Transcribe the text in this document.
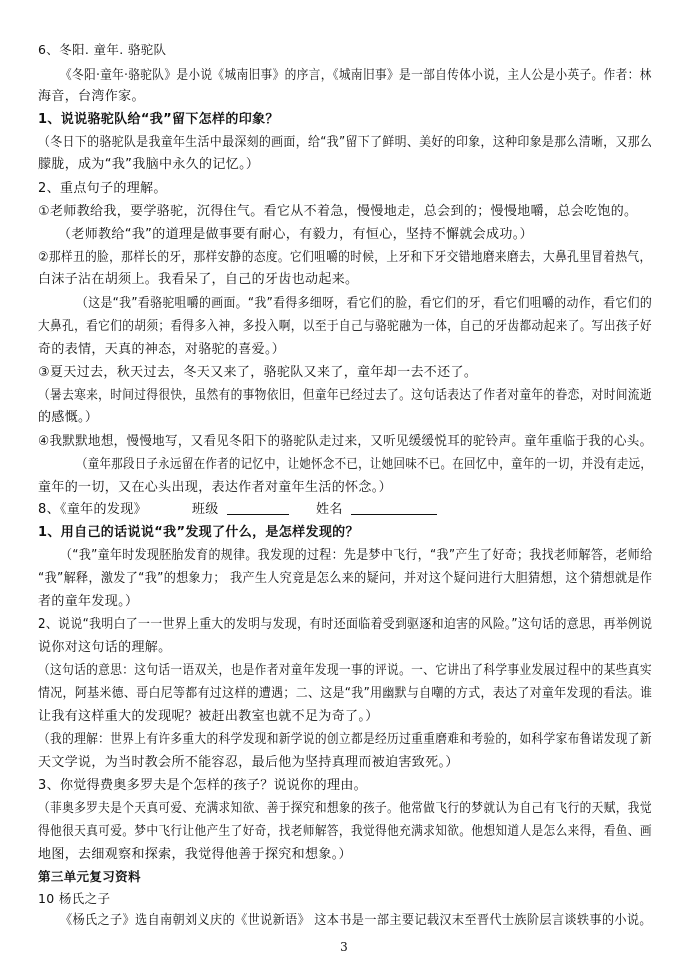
6、冬阳. 童年. 骆驼队
《冬阳·童年·骆驼队》是小说《城南旧事》的序言，《城南旧事》是一部自传体小说，主人公是小英子。作者：林
海音，台湾作家。
1、说说骆驼队给“我”留下怎样的印象？
（冬日下的骆驼队是我童年生活中最深刻的画面，给“我”留下了鲜明、美好的印象，这种印象是那么清晰，又那么
朦胧，成为“我”我脑中永久的记忆。）
2、重点句子的理解。
①老师教给我，要学骆驼，沉得住气。看它从不着急，慢慢地走，总会到的；慢慢地嚼，总会吃饱的。
（老师教给“我”的道理是做事要有耐心，有毅力，有恒心，坚持不懈就会成功。）
②那样丑的脸，那样长的牙，那样安静的态度。它们咀嚼的时候，上牙和下牙交错地磨来磨去，大鼻孔里冒着热气，
白沫子沾在胡须上。我看呆了，自己的牙齿也动起来。
（这是“我”看骆驼咀嚼的画面。“我”看得多细呀，看它们的脸，看它们的牙，看它们咀嚼的动作，看它们的
大鼻孔，看它们的胡须；看得多入神，多投入啊，以至于自己与骆驼融为一体，自己的牙齿都动起来了。写出孩子好
奇的表情，天真的神态，对骆驼的喜爱。）
③夏天过去，秋天过去，冬天又来了，骆驼队又来了，童年却一去不还了。
（暑去寒来，时间过得很快，虽然有的事物依旧，但童年已经过去了。这句话表达了作者对童年的眷恋，对时间流逝
的感慨。）
④我默默地想，慢慢地写，又看见冬阳下的骆驼队走过来，又听见缓缓悦耳的驼铃声。童年重临于我的心头。
（童年那段日子永远留在作者的记忆中，让她怀念不已，让她回味不已。在回忆中，童年的一切，并没有走远，
童年的一切，又在心头出现，表达作者对童年生活的怀念。）
8、《童年的发现》	班级	姓名
1、用自己的话说说“我”发现了什么，是怎样发现的？
（“我”童年时发现胚胎发育的规律。我发现的过程：先是梦中飞行，“我”产生了好奇；我找老师解答，老师给
“我”解释，激发了“我”的想象力； 我产生人究竟是怎么来的疑问，并对这个疑问进行大胆猜想，这个猜想就是作
者的童年发现。）
2、说说“我明白了一一世界上重大的发明与发现，有时还面临着受到驱逐和迫害的风险。”这句话的意思，再举例说
说你对这句话的理解。
（这句话的意思：这句话一语双关，也是作者对童年发现一事的评说。一、它讲出了科学事业发展过程中的某些真实
情况，阿基米德、哥白尼等都有过这样的遭遇；二、这是“我”用幽默与自嘲的方式，表达了对童年发现的看法。谁
让我有这样重大的发现呢？被赶出教室也就不足为奇了。）
（我的理解：世界上有许多重大的科学发现和新学说的创立都是经历过重重磨难和考验的，如科学家布鲁诺发现了新
天文学说，为当时教会所不能容忍，最后他为坚持真理而被迫害致死。）
3、你觉得费奥多罗夫是个怎样的孩子？说说你的理由。
（菲奥多罗夫是个天真可爱、充满求知欲、善于探究和想象的孩子。他常做飞行的梦就认为自己有飞行的天赋，我觉
得他很天真可爱。梦中飞行让他产生了好奇，找老师解答，我觉得他充满求知欲。他想知道人是怎么来得，看鱼、画
地图，去细观察和探索，我觉得他善于探究和想象。）
第三单元复习资料
10 杨氏之子
《杨氏之子》选自南朝刘义庆的《世说新语》 这本书是一部主要记载汉末至晋代士族阶层言谈轶事的小说。
3
